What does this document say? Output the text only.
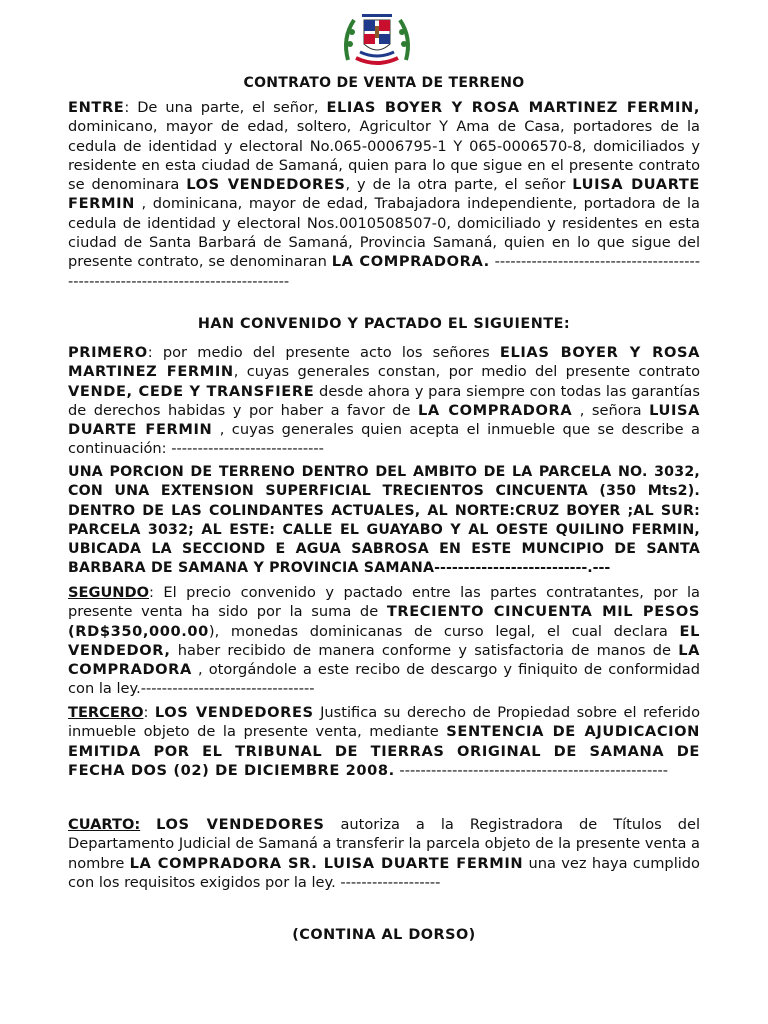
CONTRATO DE VENTA DE TERRENO
ENTRE: De una parte, el señor, ELIAS BOYER Y ROSA MARTINEZ FERMIN, dominicano, mayor de edad, soltero, Agricultor Y Ama de Casa, portadores de la cedula de identidad y electoral No.065-0006795-1 Y 065-0006570-8, domiciliados y residente en esta ciudad de Samaná, quien para lo que sigue en el presente contrato se denominara LOS VENDEDORES, y de la otra parte, el señor LUISA DUARTE FERMIN , dominicana, mayor de edad, Trabajadora independiente, portadora de la cedula de identidad y electoral Nos.0010508507-0, domiciliado y residentes en esta ciudad de Santa Barbará de Samaná, Provincia Samaná, quien en lo que sigue del presente contrato, se denominaran LA COMPRADORA. ---------------------------------------------------------------------------------
HAN CONVENIDO Y PACTADO EL SIGUIENTE:
PRIMERO: por medio del presente acto los señores ELIAS BOYER Y ROSA MARTINEZ FERMIN, cuyas generales constan, por medio del presente contrato VENDE, CEDE Y TRANSFIERE desde ahora y para siempre con todas las garantías de derechos habidas y por haber a favor de LA COMPRADORA , señora LUISA DUARTE FERMIN , cuyas generales quien acepta el inmueble que se describe a continuación: -----------------------------
UNA PORCION DE TERRENO DENTRO DEL AMBITO DE LA PARCELA NO. 3032, CON UNA EXTENSION SUPERFICIAL TRECIENTOS CINCUENTA (350 Mts2). DENTRO DE LAS COLINDANTES ACTUALES, AL NORTE:CRUZ BOYER ;AL SUR: PARCELA 3032; AL ESTE: CALLE EL GUAYABO Y AL OESTE QUILINO FERMIN, UBICADA LA SECCIOND E AGUA SABROSA EN ESTE MUNCIPIO DE SANTA BARBARA DE SAMANA Y PROVINCIA SAMANA--------------------------.---
SEGUNDO: El precio convenido y pactado entre las partes contratantes, por la presente venta ha sido por la suma de TRECIENTO CINCUENTA MIL PESOS (RD$350,000.00), monedas dominicanas de curso legal, el cual declara EL VENDEDOR, haber recibido de manera conforme y satisfactoria de manos de LA COMPRADORA , otorgándole a este recibo de descargo y finiquito de conformidad con la ley.---------------------------------
TERCERO: LOS VENDEDORES Justifica su derecho de Propiedad sobre el referido inmueble objeto de la presente venta, mediante SENTENCIA DE AJUDICACION EMITIDA POR EL TRIBUNAL DE TIERRAS ORIGINAL DE SAMANA DE FECHA DOS (02) DE DICIEMBRE 2008. ---------------------------------------------------
CUARTO: LOS VENDEDORES autoriza a la Registradora de Títulos del Departamento Judicial de Samaná a transferir la parcela objeto de la presente venta a nombre LA COMPRADORA SR. LUISA DUARTE FERMIN una vez haya cumplido con los requisitos exigidos por la ley. -------------------
(CONTINA AL DORSO)
